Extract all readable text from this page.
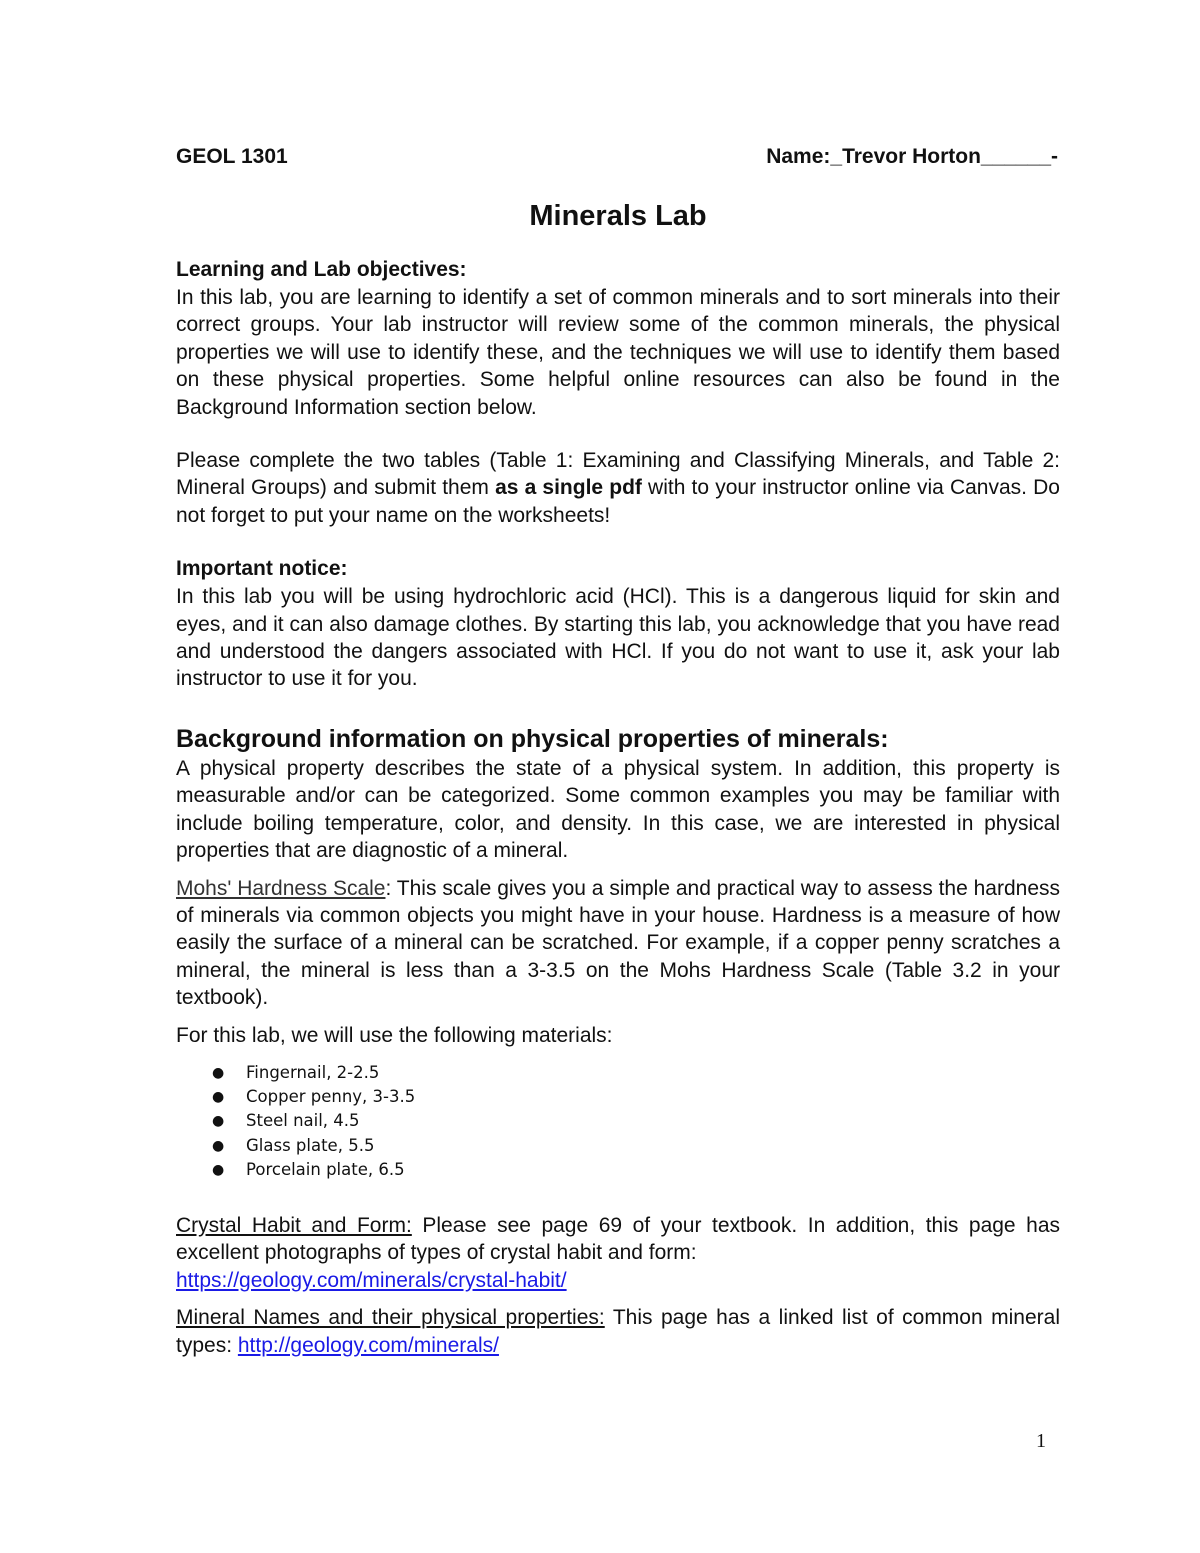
GEOL 1301	Name:_Trevor Horton______-
Minerals Lab
Learning and Lab objectives:

In this lab, you are learning to identify a set of common minerals and to sort minerals into their correct groups. Your lab instructor will review some of the common minerals, the physical properties we will use to identify these, and the techniques we will use to identify them based on these physical properties. Some helpful online resources can also be found in the Background Information section below.

Please complete the two tables (Table 1: Examining and Classifying Minerals, and Table 2: Mineral Groups) and submit them as a single pdf with to your instructor online via Canvas. Do not forget to put your name on the worksheets!

Important notice:

In this lab you will be using hydrochloric acid (HCl). This is a dangerous liquid for skin and eyes, and it can also damage clothes. By starting this lab, you acknowledge that you have read and understood the dangers associated with HCl. If you do not want to use it, ask your lab instructor to use it for you.

Background information on physical properties of minerals:

A physical property describes the state of a physical system. In addition, this property is measurable and/or can be categorized. Some common examples you may be familiar with include boiling temperature, color, and density. In this case, we are interested in physical properties that are diagnostic of a mineral.

Mohs' Hardness Scale: This scale gives you a simple and practical way to assess the hardness of minerals via common objects you might have in your house. Hardness is a measure of how easily the surface of a mineral can be scratched. For example, if a copper penny scratches a mineral, the mineral is less than a 3-3.5 on the Mohs Hardness Scale (Table 3.2 in your textbook).

For this lab, we will use the following materials:

● Fingernail, 2-2.5
● Copper penny, 3-3.5
● Steel nail, 4.5
● Glass plate, 5.5
● Porcelain plate, 6.5

Crystal Habit and Form: Please see page 69 of your textbook. In addition, this page has excellent photographs of types of crystal habit and form:
https://geology.com/minerals/crystal-habit/

Mineral Names and their physical properties: This page has a linked list of common mineral types: http://geology.com/minerals/

1
